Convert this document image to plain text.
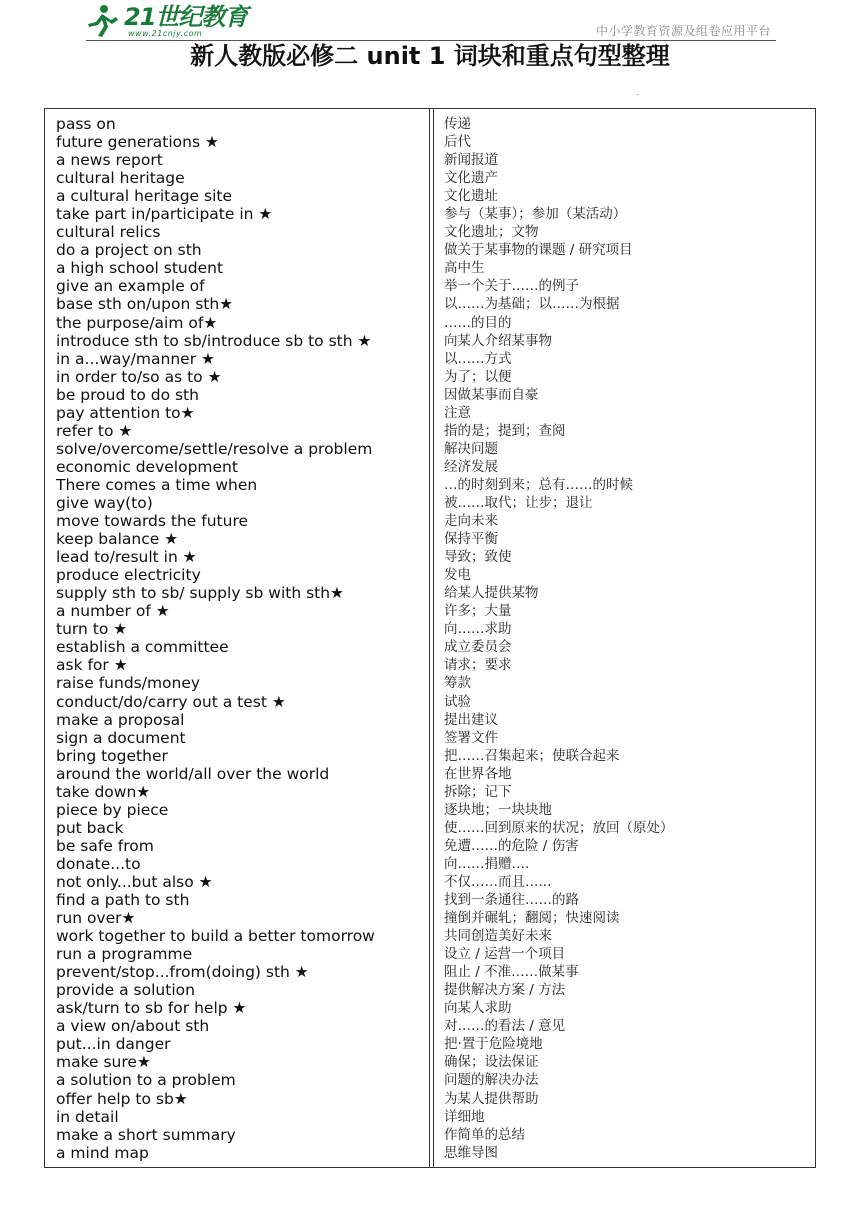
21世纪教育
www.21cnjy.com	中小学教育资源及组卷应用平台
新人教版必修二 unit 1 词块和重点句型整理
.
pass on
future generations ★
a news report
cultural heritage
a cultural heritage site
take part in/participate in ★
cultural relics
do a project on sth
a high school student
give an example of
base sth on/upon sth★
the purpose/aim of★
introduce sth to sb/introduce sb to sth ★
in a...way/manner ★
in order to/so as to ★
be proud to do sth
pay attention to★
refer to ★
solve/overcome/settle/resolve a problem
economic development
There comes a time when
give way(to)
move towards the future
keep balance ★
lead to/result in ★
produce electricity
supply sth to sb/ supply sb with sth★
a number of ★
turn to ★
establish a committee
ask for ★
raise funds/money
conduct/do/carry out a test ★
make a proposal
sign a document
bring together
around the world/all over the world
take down★
piece by piece
put back
be safe from
donate...to
not only...but also ★
find a path to sth
run over★
work together to build a better tomorrow
run a programme
prevent/stop...from(doing) sth ★
provide a solution
ask/turn to sb for help ★
a view on/about sth
put...in danger
make sure★
a solution to a problem
offer help to sb★
in detail
make a short summary
a mind map
传递
后代
新闻报道
文化遗产
文化遗址
参与（某事）；参加（某活动）
文化遗址；文物
做关于某事物的课题 / 研究项目
高中生
举一个关于……的例子
以……为基础；以……为根据
……的目的
向某人介绍某事物
以……方式
为了；以便
因做某事而自豪
注意
指的是；提到；查阅
解决问题
经济发展
…的时刻到来；总有……的时候
被……取代；让步；退让
走向未来
保持平衡
导致；致使
发电
给某人提供某物
许多；大量
向……求助
成立委员会
请求；要求
筹款
试验
提出建议
签署文件
把……召集起来；使联合起来
在世界各地
拆除；记下
逐块地；一块块地
使……回到原来的状况；放回（原处）
免遭……的危险 / 伤害
向……捐赠….
不仅……而且…...
找到一条通往……的路
撞倒并碾轧；翻阅；快速阅读
共同创造美好未来
设立 / 运营一个项目
阻止 / 不准……做某事
提供解决方案 / 方法
向某人求助
对……的看法 / 意见
把·置于危险境地
确保；设法保证
问题的解决办法
为某人提供帮助
详细地
作简单的总结
思维导图
